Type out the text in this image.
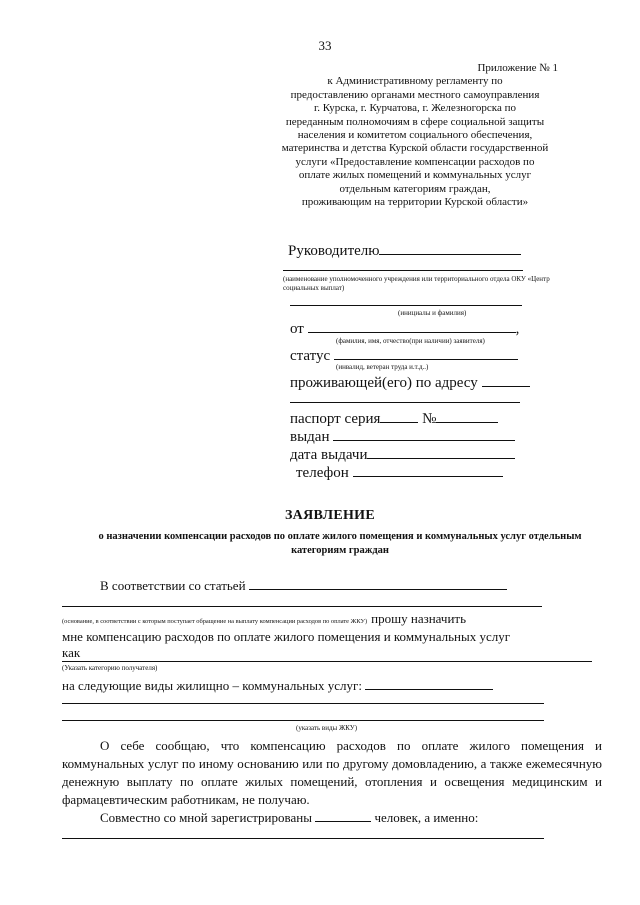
33
Приложение № 1
к Административному регламенту по
предоставлению органами местного самоуправления
г. Курска, г. Курчатова, г. Железногорска по
переданным полномочиям в сфере социальной защиты
населения и комитетом социального обеспечения,
материнства и детства Курской области государственной
услуги «Предоставление компенсации расходов по
оплате жилых помещений и коммунальных услуг
отдельным категориям граждан,
проживающим на территории Курской области»
Руководителю
(наименование уполномоченного учреждения или территориального отдела ОКУ «Центр социальных выплат)
(инициалы и фамилия)
от	,
(фамилия, имя, отчество(при наличии) заявителя)
статус
(инвалид, ветеран труда и.т.д..)
проживающей(его) по адресу
паспорт серия	№
выдан
дата выдачи
телефон
ЗАЯВЛЕНИЕ
о назначении компенсации расходов по оплате жилого помещения и коммунальных услуг отдельным категориям граждан
В соответствии со статьей
(основание, в соответствии с которым поступает обращение на выплату компенсации расходов по оплате ЖКУ) прошу назначить
мне компенсацию расходов по оплате жилого помещения и коммунальных услуг
как
(Указать категорию получателя)
на следующие виды жилищно – коммунальных услуг:
(указать виды ЖКУ)
О себе сообщаю, что компенсацию расходов по оплате жилого помещения и коммунальных услуг по иному основанию или по другому домовладению, а также ежемесячную денежную выплату по оплате жилых помещений, отопления и освещения медицинским и фармацевтическим работникам, не получаю.
Совместно со мной зарегистрированы	человек, а именно:
